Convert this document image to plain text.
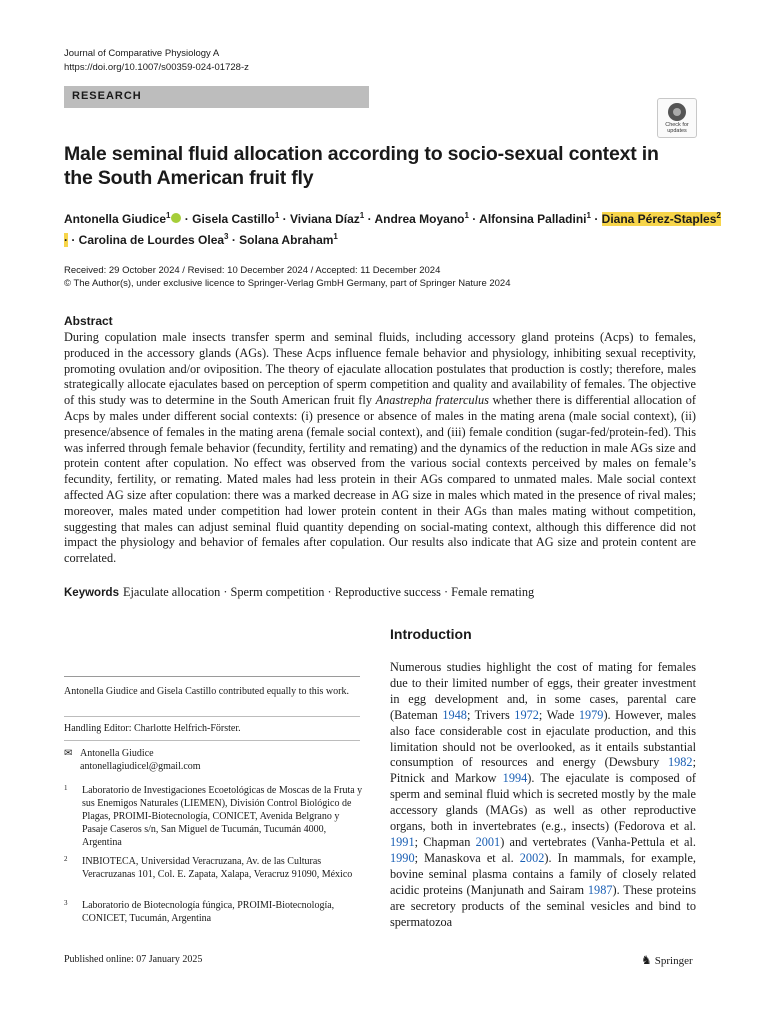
Journal of Comparative Physiology A
https://doi.org/10.1007/s00359-024-01728-z
RESEARCH
Check for
updates
Male seminal fluid allocation according to socio-sexual context in the South American fruit fly
Antonella Giudice$^1$ · Gisela Castillo$^1$ · Viviana Díaz$^1$ · Andrea Moyano$^1$ · Alfonsina Palladini$^1$ · Diana Pérez-Staples$^2$ · · Carolina de Lourdes Olea$^3$ · Solana Abraham$^1$
Received: 29 October 2024 / Revised: 10 December 2024 / Accepted: 11 December 2024
© The Author(s), under exclusive licence to Springer-Verlag GmbH Germany, part of Springer Nature 2024
Abstract
During copulation male insects transfer sperm and seminal fluids, including accessory gland proteins (Acps) to females, produced in the accessory glands (AGs). These Acps influence female behavior and physiology, inhibiting sexual receptivity, promoting ovulation and/or oviposition. The theory of ejaculate allocation postulates that production is costly; therefore, males strategically allocate ejaculates based on perception of sperm competition and quality and availability of females. The objective of this study was to determine in the South American fruit fly Anastrepha fraterculus whether there is differential allocation of Acps by males under different social contexts: (i) presence or absence of males in the mating arena (male social context), (ii) presence/absence of females in the mating arena (female social context), and (iii) female condition (sugar-fed/protein-fed). This was inferred through female behavior (fecundity, fertility and remating) and the dynamics of the reduction in male AGs size and protein content after copulation. No effect was observed from the various social contexts perceived by males on female’s fecundity, fertility, or remating. Mated males had less protein in their AGs compared to unmated males. Male social context affected AG size after copulation: there was a marked decrease in AG size in males which mated in the presence of rival males; moreover, males mated under competition had lower protein content in their AGs than males mating without competition, suggesting that males can adjust seminal fluid quantity depending on social-mating context, although this difference did not impact the physiology and behavior of females after copulation. Our results also indicate that AG size and protein content are correlated.
Keywords Ejaculate allocation · Sperm competition · Reproductive success · Female remating
Antonella Giudice and Gisela Castillo contributed equally to this work.
Handling Editor: Charlotte Helfrich-Förster.
✉ Antonella Giudice
antonellagiudicel@gmail.com
1 Laboratorio de Investigaciones Ecoetológicas de Moscas de la Fruta y sus Enemigos Naturales (LIEMEN), División Control Biológico de Plagas, PROIMI-Biotecnología, CONICET, Avenida Belgrano y Pasaje Caseros s/n, San Miguel de Tucumán, Tucumán 4000, Argentina
2 INBIOTECA, Universidad Veracruzana, Av. de las Culturas Veracruzanas 101, Col. E. Zapata, Xalapa, Veracruz 91090, México
3 Laboratorio de Biotecnología fúngica, PROIMI-Biotecnología, CONICET, Tucumán, Argentina
Introduction
Numerous studies highlight the cost of mating for females due to their limited number of eggs, their greater investment in egg development and, in some cases, parental care (Bateman 1948; Trivers 1972; Wade 1979). However, males also face considerable cost in ejaculate production, and this limitation should not be overlooked, as it entails substantial consumption of resources and energy (Dewsbury 1982; Pitnick and Markow 1994). The ejaculate is composed of sperm and seminal fluid which is secreted mostly by the male accessory glands (MAGs) as well as other reproductive organs, both in invertebrates (e.g., insects) (Fedorova et al. 1991; Chapman 2001) and vertebrates (Vanha-Pettula et al. 1990; Manaskova et al. 2002). In mammals, for example, bovine seminal plasma contains a family of closely related acidic proteins (Manjunath and Sairam 1987). These proteins are secretory products of the seminal vesicles and bind to spermatozoa
Published online: 07 January 2025	♞ Springer
